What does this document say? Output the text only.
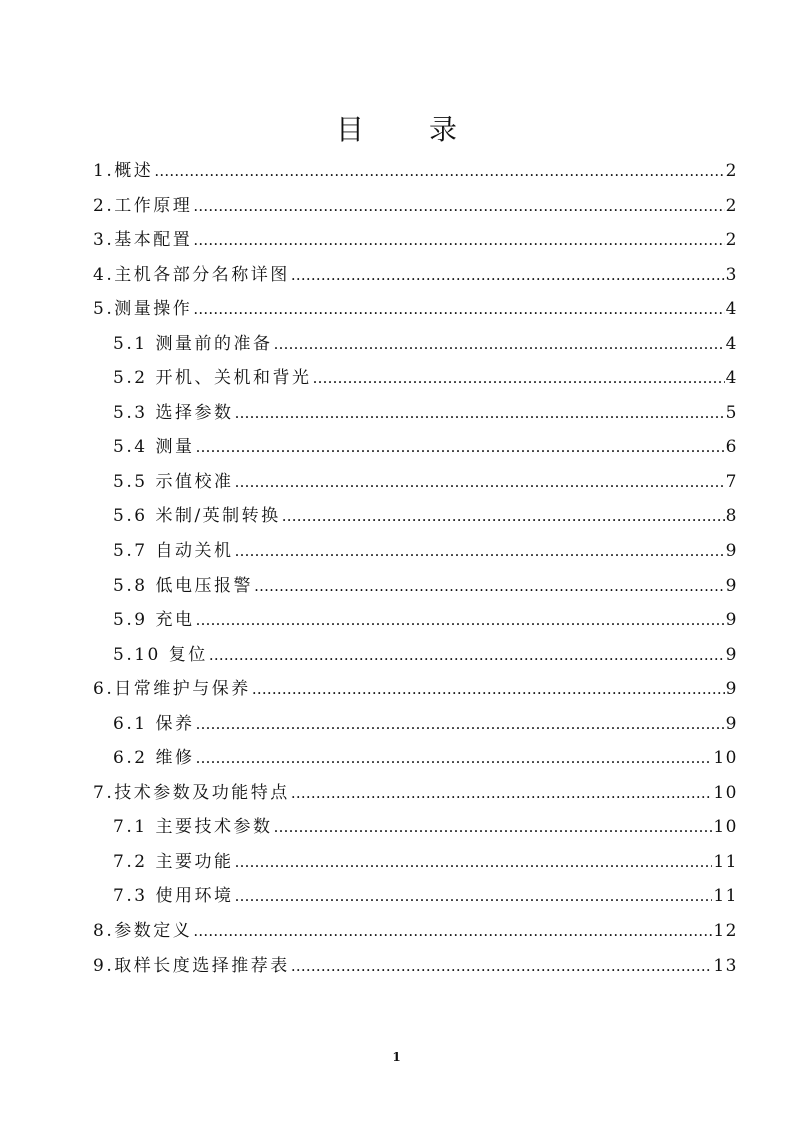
目 录
1.概述 ………………………………………………………………………………………………………………………………………………………………………………………………	2
2.工作原理 ………………………………………………………………………………………………………………………………………………………………………………………………	2
3.基本配置 ………………………………………………………………………………………………………………………………………………………………………………………………	2
4.主机各部分名称详图 ………………………………………………………………………………………………………………………………………………………………………………………………	3
5.测量操作 ………………………………………………………………………………………………………………………………………………………………………………………………	4
5.1 测量前的准备 ………………………………………………………………………………………………………………………………………………………………………………………………	4
5.2 开机、关机和背光 ………………………………………………………………………………………………………………………………………………………………………………………………	4
5.3 选择参数 ………………………………………………………………………………………………………………………………………………………………………………………………	5
5.4 测量 ………………………………………………………………………………………………………………………………………………………………………………………………	6
5.5 示值校准 ………………………………………………………………………………………………………………………………………………………………………………………………	7
5.6 米制/英制转换 ………………………………………………………………………………………………………………………………………………………………………………………………	8
5.7 自动关机 ………………………………………………………………………………………………………………………………………………………………………………………………	9
5.8 低电压报警 ………………………………………………………………………………………………………………………………………………………………………………………………	9
5.9 充电 ………………………………………………………………………………………………………………………………………………………………………………………………	9
5.10 复位 ………………………………………………………………………………………………………………………………………………………………………………………………	9
6.日常维护与保养 ………………………………………………………………………………………………………………………………………………………………………………………………	9
6.1 保养 ………………………………………………………………………………………………………………………………………………………………………………………………	9
6.2 维修 ………………………………………………………………………………………………………………………………………………………………………………………………	10
7.技术参数及功能特点 ………………………………………………………………………………………………………………………………………………………………………………………………	10
7.1 主要技术参数 ………………………………………………………………………………………………………………………………………………………………………………………………	10
7.2 主要功能 ………………………………………………………………………………………………………………………………………………………………………………………………	11
7.3 使用环境 ………………………………………………………………………………………………………………………………………………………………………………………………	11
8.参数定义 ………………………………………………………………………………………………………………………………………………………………………………………………	12
9.取样长度选择推荐表 ………………………………………………………………………………………………………………………………………………………………………………………………	13
1
